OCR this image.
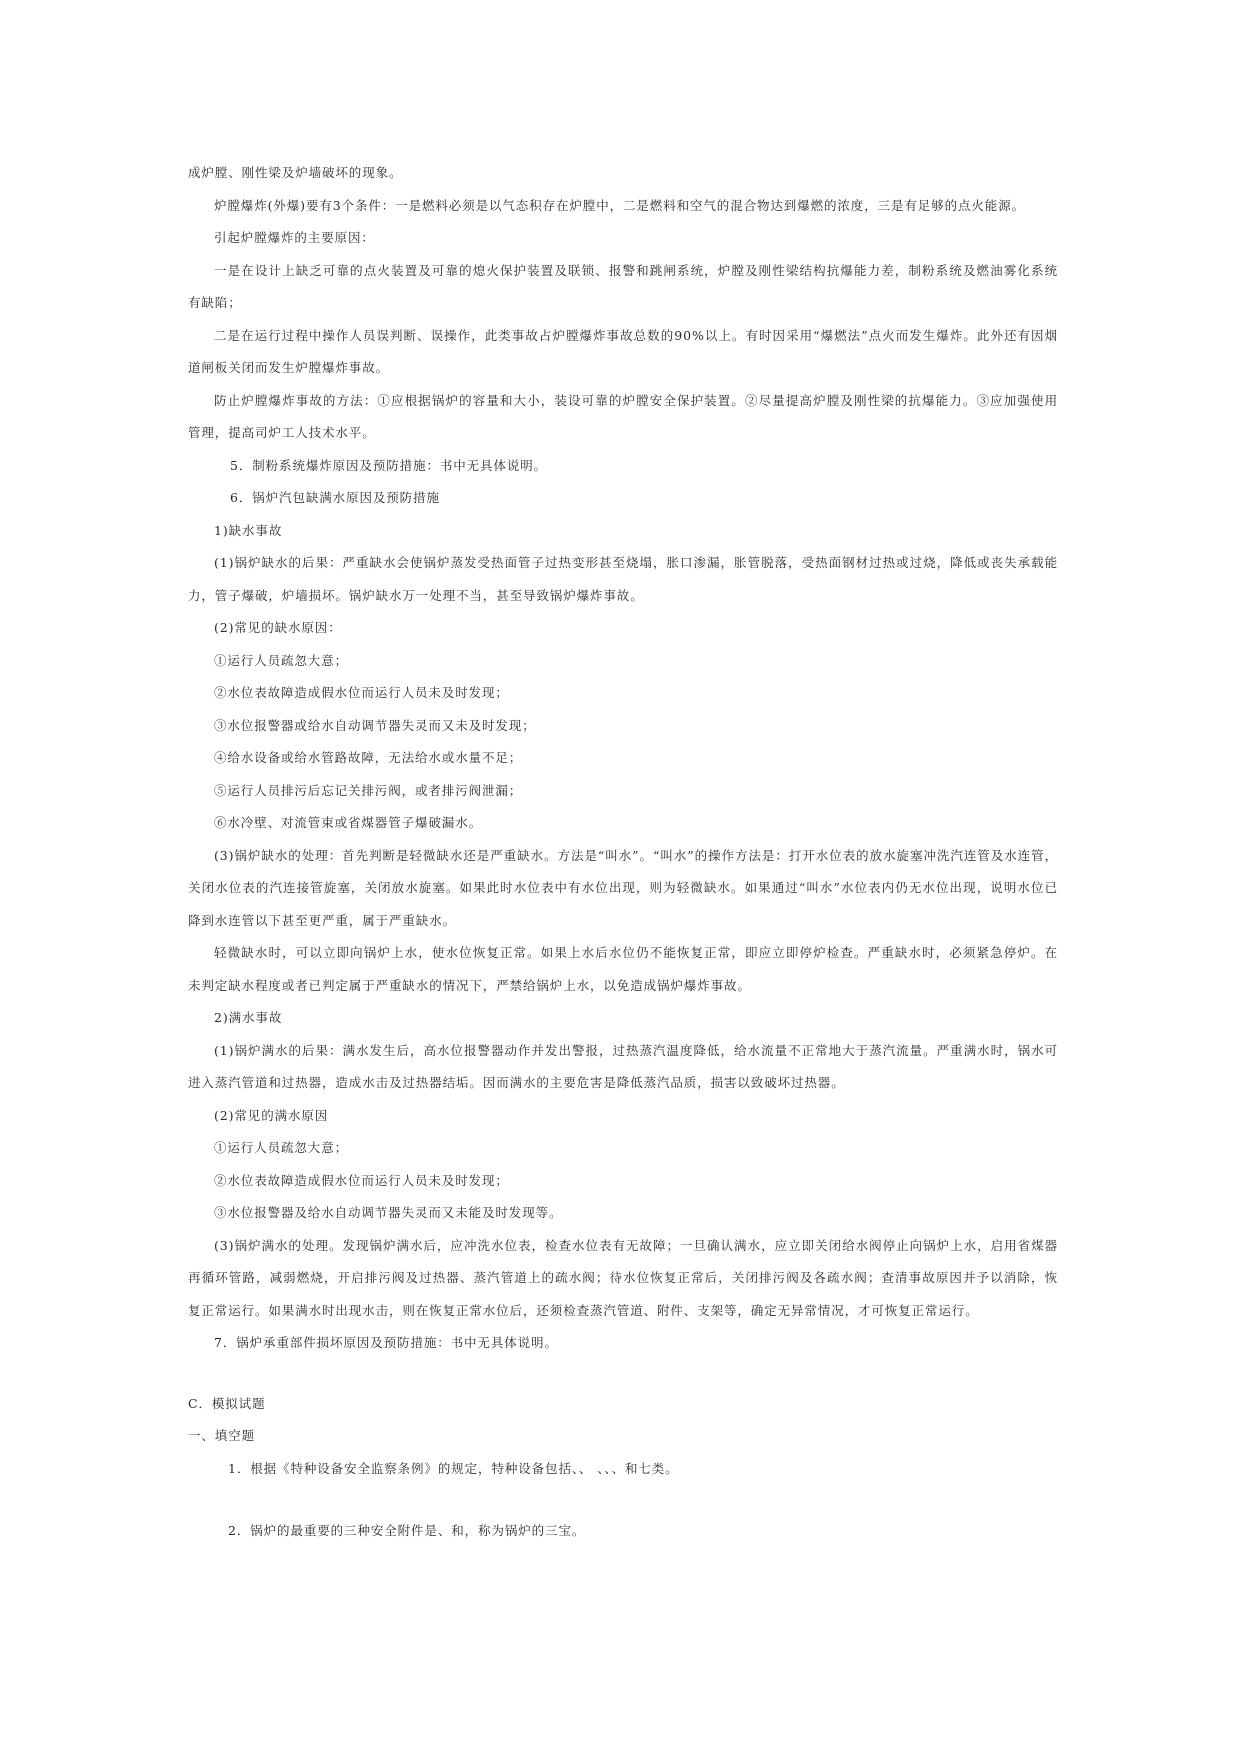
成炉膛、刚性梁及炉墙破坏的现象。

炉膛爆炸(外爆)要有3个条件：一是燃料必须是以气态积存在炉膛中，二是燃料和空气的混合物达到爆燃的浓度，三是有足够的点火能源。

引起炉膛爆炸的主要原因：

一是在设计上缺乏可靠的点火装置及可靠的熄火保护装置及联锁、报警和跳闸系统，炉膛及刚性梁结构抗爆能力差，制粉系统及燃油雾化系统有缺陷；

二是在运行过程中操作人员误判断、误操作，此类事故占炉膛爆炸事故总数的90%以上。有时因采用“爆燃法”点火而发生爆炸。此外还有因烟道闸板关闭而发生炉膛爆炸事故。

防止炉膛爆炸事故的方法：①应根据锅炉的容量和大小，装设可靠的炉膛安全保护装置。②尽量提高炉膛及刚性梁的抗爆能力。③应加强使用管理，提高司炉工人技术水平。

5．制粉系统爆炸原因及预防措施：书中无具体说明。

6．锅炉汽包缺满水原因及预防措施

1)缺水事故

(1)锅炉缺水的后果：严重缺水会使锅炉蒸发受热面管子过热变形甚至烧塌，胀口渗漏，胀管脱落，受热面钢材过热或过烧，降低或丧失承载能力，管子爆破，炉墙损坏。锅炉缺水万一处理不当，甚至导致锅炉爆炸事故。

(2)常见的缺水原因：

①运行人员疏忽大意；

②水位表故障造成假水位而运行人员未及时发现；

③水位报警器或给水自动调节器失灵而又未及时发现；

④给水设备或给水管路故障，无法给水或水量不足；

⑤运行人员排污后忘记关排污阀，或者排污阀泄漏；

⑥水冷壁、对流管束或省煤器管子爆破漏水。

(3)锅炉缺水的处理：首先判断是轻微缺水还是严重缺水。方法是“叫水”。“叫水”的操作方法是：打开水位表的放水旋塞冲洗汽连管及水连管，关闭水位表的汽连接管旋塞，关闭放水旋塞。如果此时水位表中有水位出现，则为轻微缺水。如果通过“叫水”水位表内仍无水位出现，说明水位已降到水连管以下甚至更严重，属于严重缺水。

轻微缺水时，可以立即向锅炉上水，使水位恢复正常。如果上水后水位仍不能恢复正常，即应立即停炉检查。严重缺水时，必须紧急停炉。在未判定缺水程度或者已判定属于严重缺水的情况下，严禁给锅炉上水，以免造成锅炉爆炸事故。

2)满水事故

(1)锅炉满水的后果：满水发生后，高水位报警器动作并发出警报，过热蒸汽温度降低，给水流量不正常地大于蒸汽流量。严重满水时，锅水可进入蒸汽管道和过热器，造成水击及过热器结垢。因而满水的主要危害是降低蒸汽品质，损害以致破坏过热器。

(2)常见的满水原因

①运行人员疏忽大意；

②水位表故障造成假水位而运行人员未及时发现；

③水位报警器及给水自动调节器失灵而又未能及时发现等。

(3)锅炉满水的处理。发现锅炉满水后，应冲洗水位表，检查水位表有无故障；一旦确认满水，应立即关闭给水阀停止向锅炉上水，启用省煤器再循环管路，减弱燃烧，开启排污阀及过热器、蒸汽管道上的疏水阀；待水位恢复正常后，关闭排污阀及各疏水阀；查清事故原因并予以消除，恢复正常运行。如果满水时出现水击，则在恢复正常水位后，还须检查蒸汽管道、附件、支架等，确定无异常情况，才可恢复正常运行。

7．锅炉承重部件损坏原因及预防措施：书中无具体说明。

C．模拟试题

一、填空题

1．根据《特种设备安全监察条例》的规定，特种设备包括、、 、、、和七类。

2．锅炉的最重要的三种安全附件是、和，称为锅炉的三宝。
